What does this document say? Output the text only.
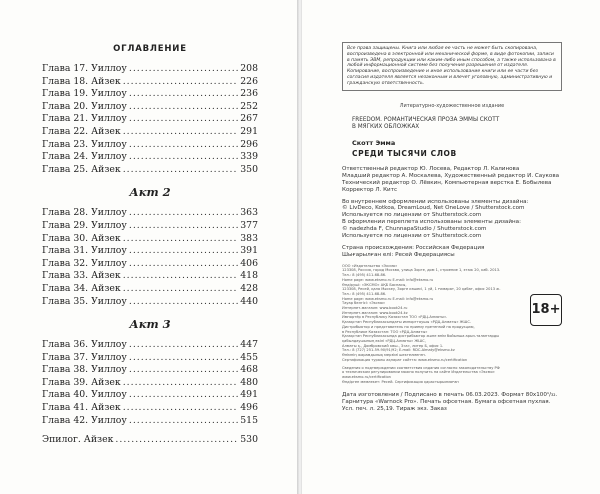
ОГЛАВЛЕНИЕ
Глава 17. Уиллоу .....	208
Глава 18. Айзек .....	226
Глава 19. Уиллоу .....	236
Глава 20. Уиллоу .....	252
Глава 21. Уиллоу .....	267
Глава 22. Айзек .....	291
Глава 23. Уиллоу .....	296
Глава 24. Уиллоу .....	339
Глава 25. Айзек .....	350
Акт 2
Глава 28. Уиллоу .....	363
Глава 29. Уиллоу .....	377
Глава 30. Айзек .....	383
Глава 31. Уиллоу .....	391
Глава 32. Уиллоу .....	406
Глава 33. Айзек .....	418
Глава 34. Айзек .....	428
Глава 35. Уиллоу .....	440
Акт 3
Глава 36. Уиллоу .....	447
Глава 37. Уиллоу .....	455
Глава 38. Уиллоу .....	468
Глава 39. Айзек .....	480
Глава 40. Уиллоу .....	491
Глава 41. Айзек .....	496
Глава 42. Уиллоу .....	515
Эпилог. Айзек .....	530
Все права защищены. Книга или любая ее часть не может быть скопирована, воспроизведена в электронной или механической форме, в виде фотокопии, записи в память ЭВМ, репродукции или каким-либо иным способом, а также использована в любой информационной системе без получения разрешения от издателя. Копирование, воспроизведение и иное использование книги или ее части без согласия издателя является незаконным и влечет уголовную, административную и гражданскую ответственность.
Литературно-художественное издание
FREEDOM. РОМАНТИЧЕСКАЯ ПРОЗА ЭММЫ СКОТТ
В МЯГКИХ ОБЛОЖКАХ
Скотт Эмма
СРЕДИ ТЫСЯЧИ СЛОВ
Ответственный редактор Ю. Лосева, Редактор Л. Калинова
Младший редактор А. Москалева, Художественный редактор И. Саукова
Технический редактор О. Лёвкин, Компьютерная верстка Е. Бобылева
Корректор Л. Китс
Во внутреннем оформлении использованы элементы дизайна:
© LivDeco, Kotkoa, DreamLoud, Net OneLove / Shutterstock.com
Используется по лицензии от Shutterstock.com
В оформлении переплета использованы элементы дизайна:
© nadezhda F, ChunnapaStudio / Shutterstock.com
Используется по лицензии от Shutterstock.com
Страна происхождения: Российская Федерация
Шығарылған елі: Ресей Федерациясы
ООО «Издательство «Эксмо»
123308, Россия, город Москва, улица Зорге, дом 1, строение 1, этаж 20, каб. 2013.
Тел.: 8 (495) 411-68-86.
Home page: www.eksmo.ru E-mail: info@eksmo.ru
Өндіруші: «ЭКСМО» АҚБ Баспасы,
123308, Ресей, қала Мәскеу, Зорге көшесі, 1 үй, 1 ғимарат, 20 қабат, офис 2013 ж.
Тел.: 8 (495) 411-68-86.
Home page: www.eksmo.ru E-mail: info@eksmo.ru
Тауар белгісі: «Эксмо»
Интернет-магазин: www.book24.ru
Интернет-магазин: www.book24.kz
Импортёр в Республику Казахстан ТОО «РДЦ-Алматы».
Қазақстан Республикасындағы импорттаушы «РДЦ-Алматы» ЖШС.
Дистрибьютор и представитель по приему претензий на продукцию,
в Республике Казахстан: ТОО «РДЦ-Алматы»
Қазақстан Республикасында дистрибьютор және өнім бойынша арыз-талаптарды
қабылдаушының өкілі «РДЦ-Алматы» ЖШС,
Алматы қ., Домбровский көш., 3«а», литер Б, офис 1.
Тел.: 8 (727) 251-59-90/91/92; E-mail: RDC-Almaty@eksmo.kz
Өнімнің жарамдылық мерзімі шектелмеген.
Сертификация туралы ақпарат сайтта: www.eksmo.ru/certification
18+
Сведения о подтверждении соответствия издания согласно законодательству РФ
о техническом регулировании можно получить на сайте Издательства «Эксмо»
www.eksmo.ru/certification
Өндірген мемлекет: Ресей. Сертификация қарастырылмаған
Дата изготовления / Подписано в печать 06.03.2023. Формат 80x100¹/₃₂.
Гарнитура «Warnock Pro». Печать офсетная. Бумага офсетная пухлая.
Усл. печ. л. 25,19. Тираж экз. Заказ
